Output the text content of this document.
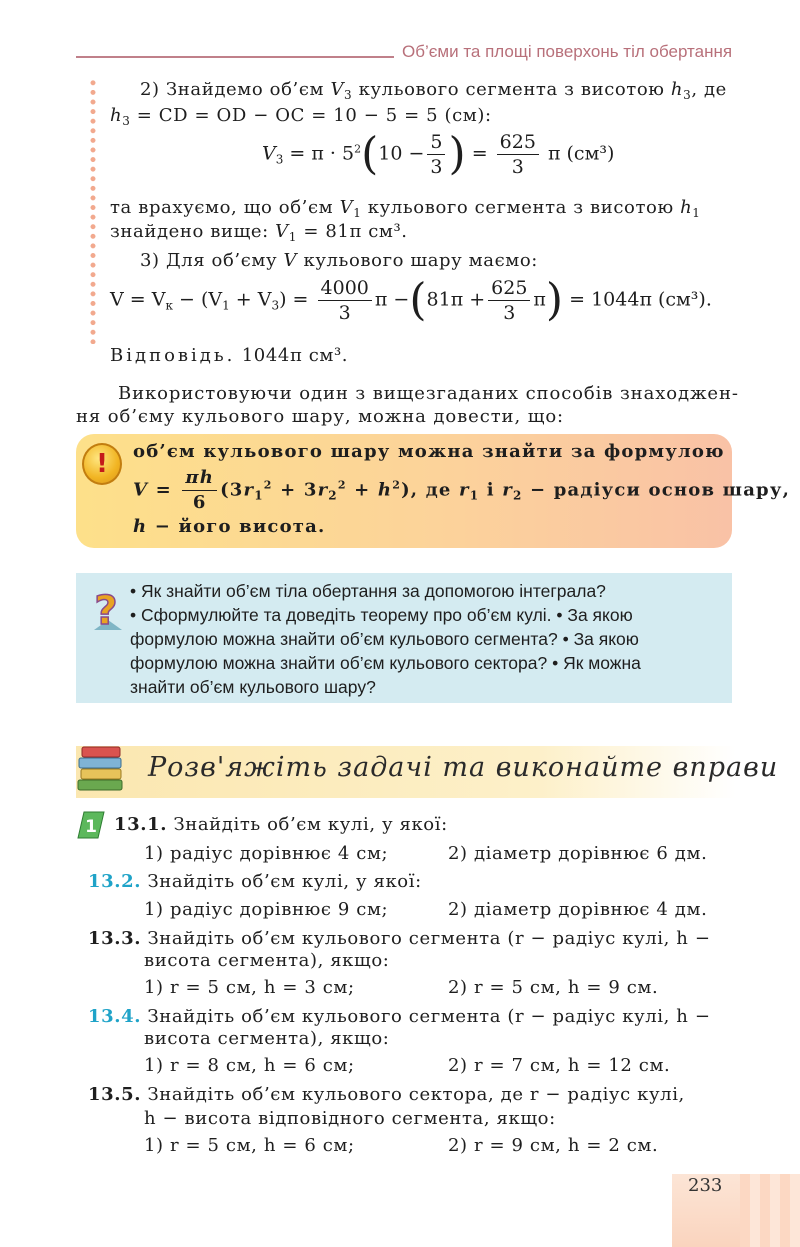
Об’єми та площі поверхонь тіл обертання
2) Знайдемо об’єм $V_3$ кульового сегмента з висотою $h_3$, де
$h_3$ = CD = OD − OC = 10 − 5 = 5 (см):
$V_3 = \pi \cdot 5^2(10 - \frac{5}{3}$ ) = $\frac{625}{3}$ π (см³)
та врахуємо, що об’єм $V_1$ кульового сегмента з висотою $h_1$
знайдено вище: $V_1 = 81\pi$ см³.
3) Для об’єму V кульового шару маємо:
$V = V_к - (V_1 + V_3) = \frac{4000}{3}$ $\pi -(81\pi + \frac{625}{3} \pi) = 1044\pi$ (см³).
Відповідь. 1044π см³.
Використовуючи один з вищезгаданих способів знаходжен-
ня об’єму кульового шару, можна довести, що:
!	об’єм кульового шару можна знайти за формулою
$V = \frac{\pi h}{6} (3r_1^2 + 3r_2^2 + h^2)$, де $r_1$ і $r_2$ − радіуси основ шару,
h − його висота.
? • Як знайти об’єм тіла обертання за допомогою інтеграла?
• Сформулюйте та доведіть теорему про об’єм кулі. • За якою
формулою можна знайти об’єм кульового сегмента? • За якою
формулою можна знайти об’єм кульового сектора? • Як можна
знайти об’єм кульового шару?
Розв'яжіть задачі та виконайте вправи
1 13.1. Знайдіть об’єм кулі, у якої:
1) радіус дорівнює 4 см;	2) діаметр дорівнює 6 дм.
13.2. Знайдіть об’єм кулі, у якої:
1) радіус дорівнює 9 см;	2) діаметр дорівнює 4 дм.
13.3. Знайдіть об’єм кульового сегмента (r − радіус кулі, h −
висота сегмента), якщо:
1) r = 5 см, h = 3 см;	2) r = 5 см, h = 9 см.
13.4. Знайдіть об’єм кульового сегмента (r − радіус кулі, h −
висота сегмента), якщо:
1) r = 8 см, h = 6 см;	2) r = 7 см, h = 12 см.
13.5. Знайдіть об’єм кульового сектора, де r − радіус кулі,
h − висота відповідного сегмента, якщо:
1) r = 5 см, h = 6 см;	2) r = 9 см, h = 2 см.
233
